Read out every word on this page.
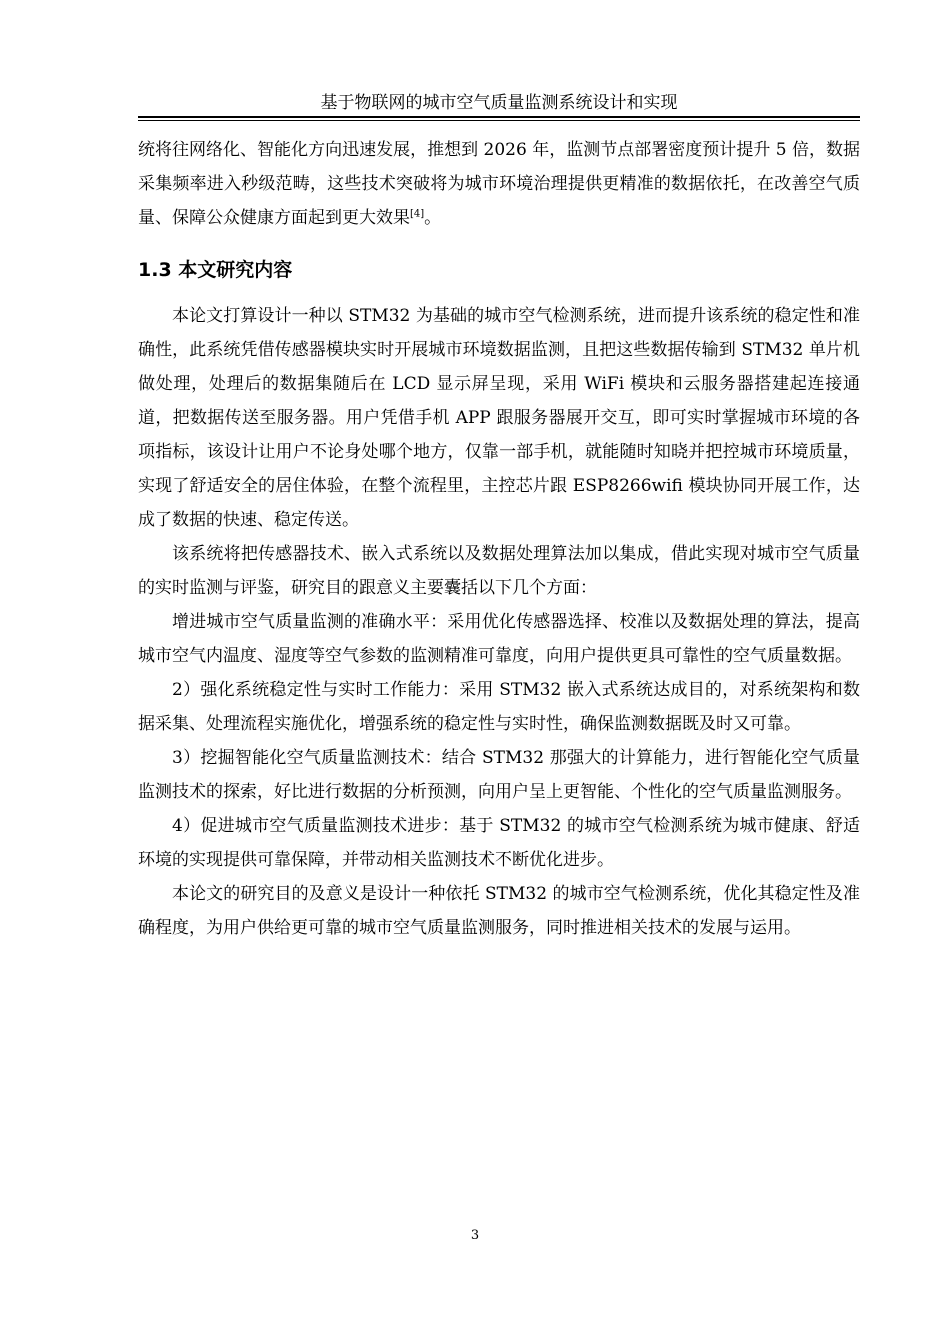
基于物联网的城市空气质量监测系统设计和实现

统将往网络化、智能化方向迅速发展，推想到 2026 年，监测节点部署密度预计提升 5 倍，数据采集频率进入秒级范畴，这些技术突破将为城市环境治理提供更精准的数据依托，在改善空气质量、保障公众健康方面起到更大效果[4]。

1.3 本文研究内容

本论文打算设计一种以 STM32 为基础的城市空气检测系统，进而提升该系统的稳定性和准确性，此系统凭借传感器模块实时开展城市环境数据监测，且把这些数据传输到 STM32 单片机做处理，处理后的数据集随后在 LCD 显示屏呈现，采用 WiFi 模块和云服务器搭建起连接通道，把数据传送至服务器。用户凭借手机 APP 跟服务器展开交互，即可实时掌握城市环境的各项指标，该设计让用户不论身处哪个地方，仅靠一部手机，就能随时知晓并把控城市环境质量，实现了舒适安全的居住体验，在整个流程里，主控芯片跟 ESP8266wifi 模块协同开展工作，达成了数据的快速、稳定传送。

该系统将把传感器技术、嵌入式系统以及数据处理算法加以集成，借此实现对城市空气质量的实时监测与评鉴，研究目的跟意义主要囊括以下几个方面：

增进城市空气质量监测的准确水平：采用优化传感器选择、校准以及数据处理的算法，提高城市空气内温度、湿度等空气参数的监测精准可靠度，向用户提供更具可靠性的空气质量数据。

2）强化系统稳定性与实时工作能力：采用 STM32 嵌入式系统达成目的，对系统架构和数据采集、处理流程实施优化，增强系统的稳定性与实时性，确保监测数据既及时又可靠。

3）挖掘智能化空气质量监测技术：结合 STM32 那强大的计算能力，进行智能化空气质量监测技术的探索，好比进行数据的分析预测，向用户呈上更智能、个性化的空气质量监测服务。

4）促进城市空气质量监测技术进步：基于 STM32 的城市空气检测系统为城市健康、舒适环境的实现提供可靠保障，并带动相关监测技术不断优化进步。

本论文的研究目的及意义是设计一种依托 STM32 的城市空气检测系统，优化其稳定性及准确程度，为用户供给更可靠的城市空气质量监测服务，同时推进相关技术的发展与运用。

3
